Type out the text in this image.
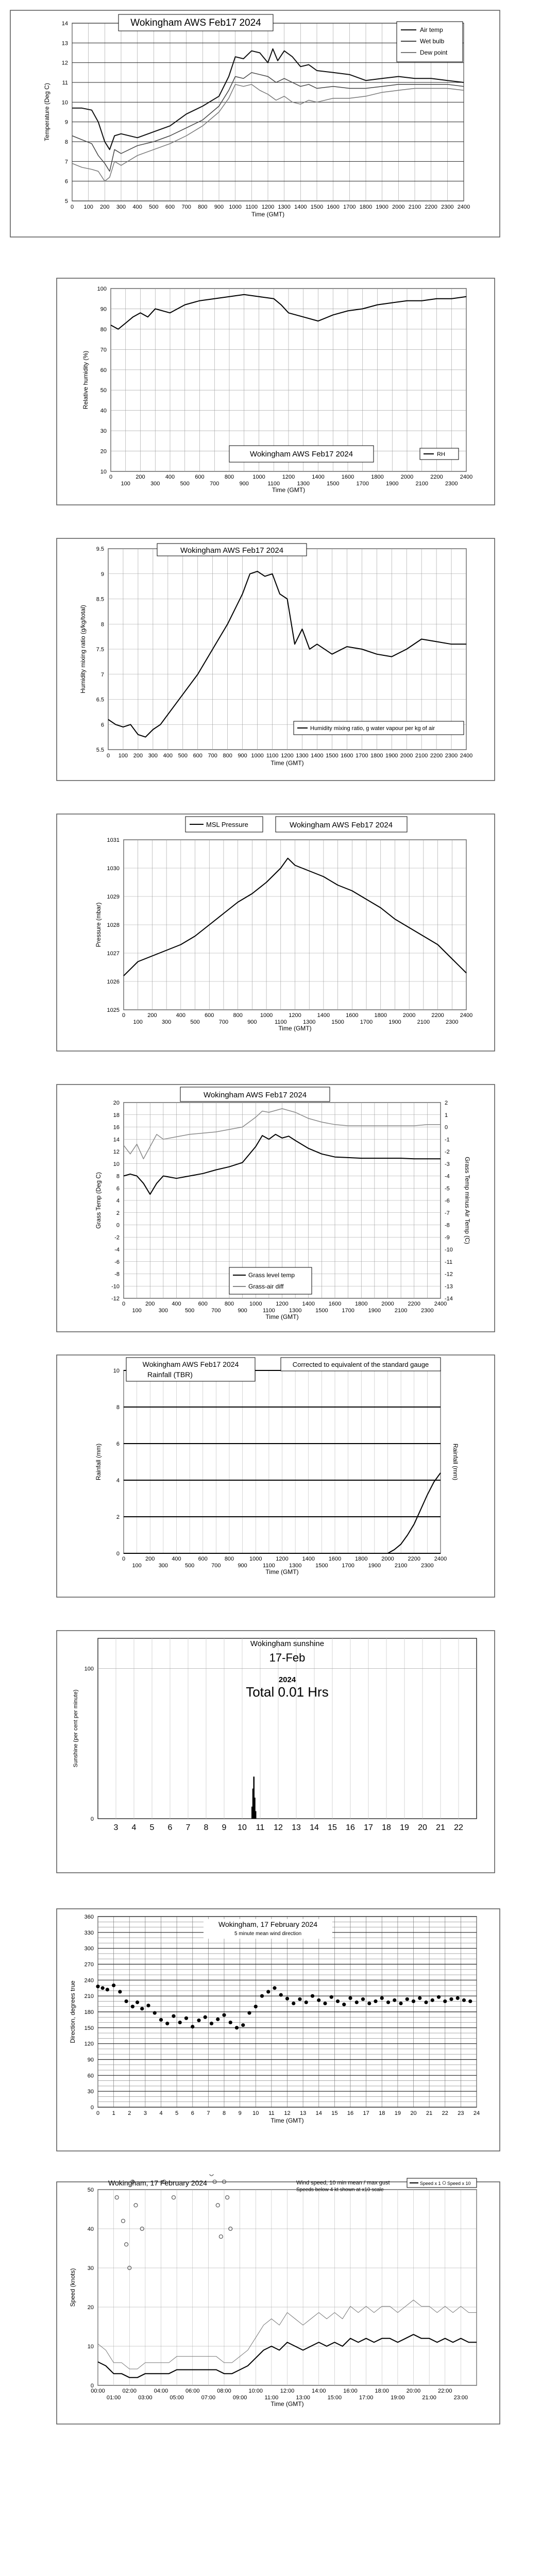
5
6
7
8
9
10
11
12
13
14
0 100 200 300 400 500 600 700 800 900 1000 1100 1200 1300 1400 1500 1600 1700 1800 1900 2000 2100 2200 2300 2400
Time (GMT)
Temperature (Deg C)
Wokingham AWS Feb17 2024
Air temp
Wet bulb
Dew point
10
20
30
40
50
60
70
80
90
100
0	200	400	600	800	1000	1200	1400	1600	1800	2000	2200	2400
100	300	500	700	900	1100	1300	1500	1700	1900	2100	2300
Time (GMT)
Relative humidity (%)
Wokingham AWS Feb17 2024	RH
5.5
6
6.5
7
7.5
8
8.5
9
9.5
0 100 200 300 400 500 600 700 800 900 1000 1100 1200 1300 1400 1500 1600 1700 1800 1900 2000 2100 2200 2300 2400
Time (GMT)
Humidity mixing ratio (g/kg/total)
Wokingham AWS Feb17 2024
Humidity mixing ratio, g water vapour per kg of air
1025
1026
1027
1028
1029
1030
1031
0	200	400	600	800	1000	1200	1400	1600	1800	2000	2200	2400
100	300	500	700	900	1100	1300	1500	1700	1900	2100	2300
Time (GMT)
Pressure (mbar)
MSL Pressure	Wokingham AWS Feb17 2024
-12
-10
-8
-6
-4
-2
0
2
4
6
8
10
12
14
16
18
20
0	200	400	600	800	1000 1200 1400 1600 1800 2000 2200 2400
100	300	500	700	900	1100 1300 1500 1700 1900 2100 2300
Time (GMT)
Grass Temp (Deg C)
-14
-13
-12
-11
-10
-9
-8
-7
-6
-5
-4
-3
-2
-1
0
1
2
Grass Temp minus Air Temp (C)
Wokingham AWS Feb17 2024
Grass level temp
Grass-air diff
0
2
4
6
8
10
0	200	400	600	800	1000 1200 1400 1600 1800 2000 2200 2400
100	300	500	700	900	1100 1300 1500 1700 1900 2100 2300
Time (GMT)
Rainfall (mm)	Rainfall (mm)
Wokingham AWS Feb17 2024
Rainfall (TBR)
Corrected to equivalent of the standard gauge
0
100
3 4 5 6 7 8 9 10 11 12 13 14 15 16 17 18 19 20 21 22
Sunshine (per cent per minute)
Wokingham sunshine
17-Feb
2024
Total 0.01 Hrs
0
30
60
90
120
150
180
210
240
270
300
330
360
0 1 2 3 4 5 6 7 8 9 10 11 12 13 14 15 16 17 18 19 20 21 22 23 24
Time (GMT)
Direction, degrees true
Wokingham, 17 February 2024
5 minute mean wind direction
0
10
20
30
40
50
Time (GMT)
Speed (knots)
00:00	02:00	04:00	06:00	08:00	10:00	12:00	14:00	16:00	18:00	20:00	22:00
01:00	03:00	05:00	07:00	09:00	11:00	13:00	15:00	17:00	19:00	21:00	23:00
Wokingham, 17 February 2024	Wind speed, 10 min mean / max gust
Speeds below 4 kt shown at x10 scale
Speed x 1 Speed x 10
